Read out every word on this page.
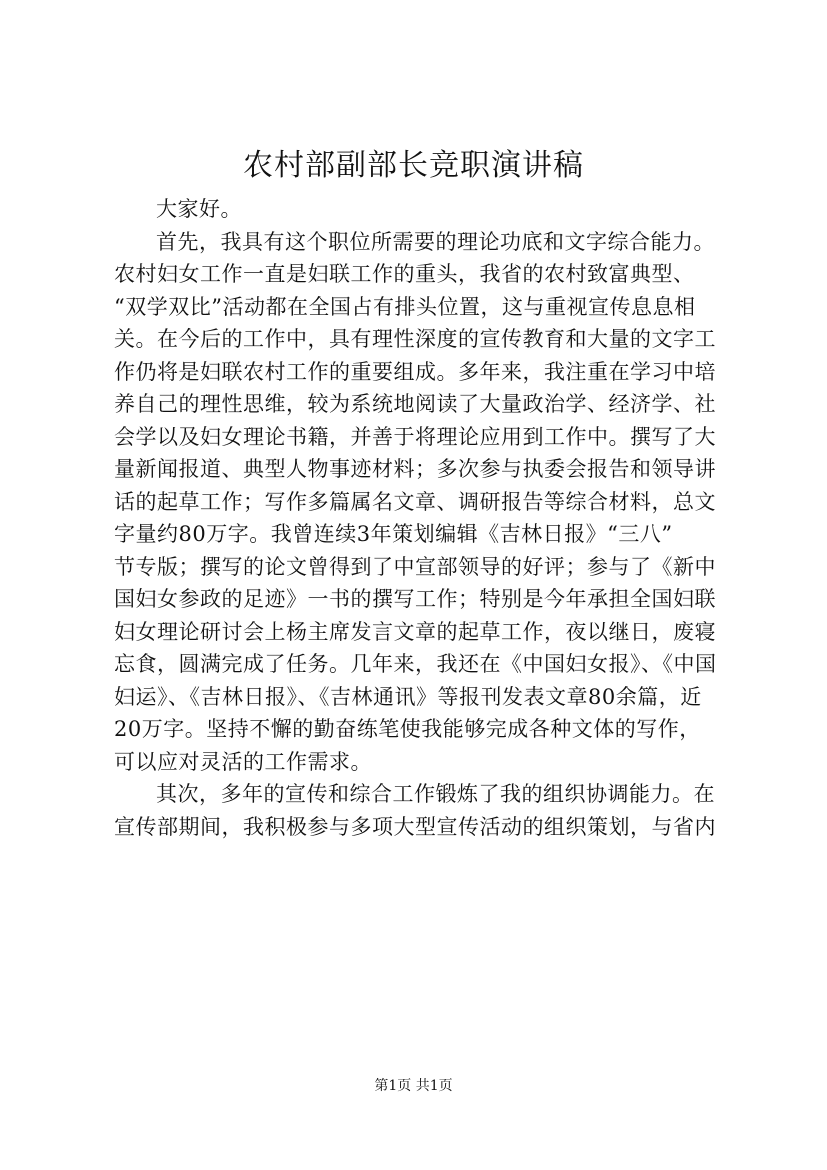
农村部副部长竞职演讲稿
大家好。
首先，我具有这个职位所需要的理论功底和文字综合能力。
农村妇女工作一直是妇联工作的重头，我省的农村致富典型、
“双学双比”活动都在全国占有排头位置，这与重视宣传息息相
关。在今后的工作中，具有理性深度的宣传教育和大量的文字工
作仍将是妇联农村工作的重要组成。多年来，我注重在学习中培
养自己的理性思维，较为系统地阅读了大量政治学、经济学、社
会学以及妇女理论书籍，并善于将理论应用到工作中。撰写了大
量新闻报道、典型人物事迹材料；多次参与执委会报告和领导讲
话的起草工作；写作多篇属名文章、调研报告等综合材料，总文
字量约80万字。我曾连续3年策划编辑《吉林日报》“三八”
节专版；撰写的论文曾得到了中宣部领导的好评；参与了《新中
国妇女参政的足迹》一书的撰写工作；特别是今年承担全国妇联
妇女理论研讨会上杨主席发言文章的起草工作，夜以继日，废寝
忘食，圆满完成了任务。几年来，我还在《中国妇女报》、《中国
妇运》、《吉林日报》、《吉林通讯》等报刊发表文章80余篇，近
20万字。坚持不懈的勤奋练笔使我能够完成各种文体的写作，
可以应对灵活的工作需求。
其次，多年的宣传和综合工作锻炼了我的组织协调能力。在
宣传部期间，我积极参与多项大型宣传活动的组织策划，与省内
第1页 共1页
